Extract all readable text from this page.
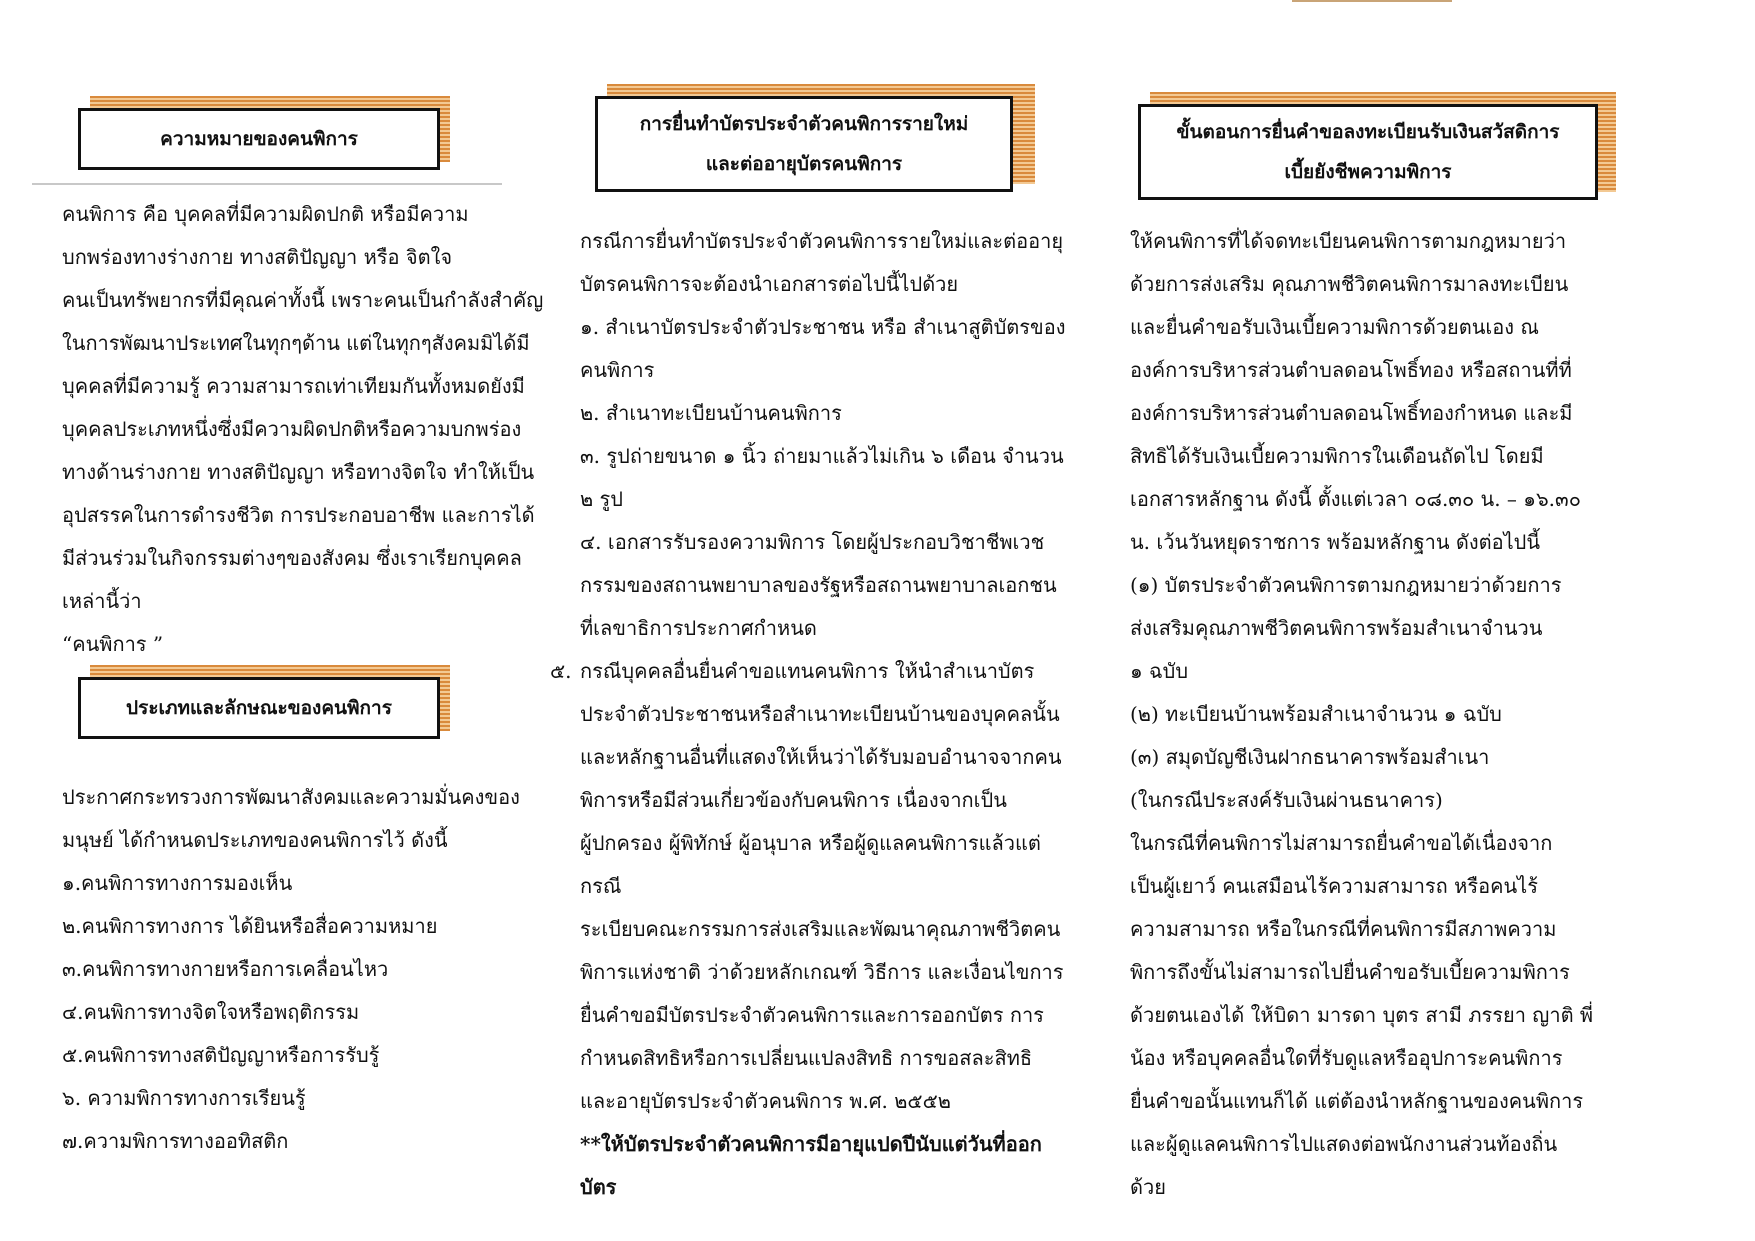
ความหมายของคนพิการ

คนพิการ คือ บุคคลที่มีความผิดปกติ หรือมีความ
บกพร่องทางร่างกาย ทางสติปัญญา หรือ จิตใจ
คนเป็นทรัพยากรที่มีคุณค่าทั้งนี้ เพราะคนเป็นกำลังสำคัญ
ในการพัฒนาประเทศในทุกๆด้าน แต่ในทุกๆสังคมมิได้มี
บุคคลที่มีความรู้ ความสามารถเท่าเทียมกันทั้งหมดยังมี
บุคคลประเภทหนึ่งซึ่งมีความผิดปกติหรือความบกพร่อง
ทางด้านร่างกาย ทางสติปัญญา หรือทางจิตใจ ทำให้เป็น
อุปสรรคในการดำรงชีวิต การประกอบอาชีพ และการได้
มีส่วนร่วมในกิจกรรมต่างๆของสังคม ซึ่งเราเรียกบุคคล
เหล่านี้ว่า
“คนพิการ ”

ประเภทและลักษณะของคนพิการ

ประกาศกระทรวงการพัฒนาสังคมและความมั่นคงของ
มนุษย์ ได้กำหนดประเภทของคนพิการไว้ ดังนี้
๑.คนพิการทางการมองเห็น
๒.คนพิการทางการ ได้ยินหรือสื่อความหมาย
๓.คนพิการทางกายหรือการเคลื่อนไหว
๔.คนพิการทางจิตใจหรือพฤติกรรม
๕.คนพิการทางสติปัญญาหรือการรับรู้
๖. ความพิการทางการเรียนรู้
๗.ความพิการทางออทิสติก

การยื่นทำบัตรประจำตัวคนพิการรายใหม่
และต่ออายุบัตรคนพิการ

กรณีการยื่นทำบัตรประจำตัวคนพิการรายใหม่และต่ออายุ
บัตรคนพิการจะต้องนำเอกสารต่อไปนี้ไปด้วย
๑. สำเนาบัตรประจำตัวประชาชน หรือ สำเนาสูติบัตรของ
คนพิการ
๒. สำเนาทะเบียนบ้านคนพิการ
๓. รูปถ่ายขนาด ๑ นิ้ว ถ่ายมาแล้วไม่เกิน ๖ เดือน จำนวน
๒ รูป
๔. เอกสารรับรองความพิการ โดยผู้ประกอบวิชาชีพเวช
กรรมของสถานพยาบาลของรัฐหรือสถานพยาบาลเอกชน
ที่เลขาธิการประกาศกำหนด

๕. กรณีบุคคลอื่นยื่นคำขอแทนคนพิการ ให้นำสำเนาบัตร
ประจำตัวประชาชนหรือสำเนาทะเบียนบ้านของบุคคลนั้น
และหลักฐานอื่นที่แสดงให้เห็นว่าได้รับมอบอำนาจจากคน
พิการหรือมีส่วนเกี่ยวข้องกับคนพิการ เนื่องจากเป็น
ผู้ปกครอง ผู้พิทักษ์ ผู้อนุบาล หรือผู้ดูแลคนพิการแล้วแต่
กรณี
ระเบียบคณะกรรมการส่งเสริมและพัฒนาคุณภาพชีวิตคน
พิการแห่งชาติ ว่าด้วยหลักเกณฑ์ วิธีการ และเงื่อนไขการ
ยื่นคำขอมีบัตรประจำตัวคนพิการและการออกบัตร การ
กำหนดสิทธิหรือการเปลี่ยนแปลงสิทธิ การขอสละสิทธิ
และอายุบัตรประจำตัวคนพิการ พ.ศ. ๒๕๕๒

**ให้บัตรประจำตัวคนพิการมีอายุแปดปีนับแต่วันที่ออก
บัตร

ขั้นตอนการยื่นคำขอลงทะเบียนรับเงินสวัสดิการ
เบี้ยยังชีพความพิการ

ให้คนพิการที่ได้จดทะเบียนคนพิการตามกฎหมายว่า
ด้วยการส่งเสริม คุณภาพชีวิตคนพิการมาลงทะเบียน
และยื่นคำขอรับเงินเบี้ยความพิการด้วยตนเอง ณ
องค์การบริหารส่วนตำบลดอนโพธิ์ทอง หรือสถานที่ที่
องค์การบริหารส่วนตำบลดอนโพธิ์ทองกำหนด และมี
สิทธิได้รับเงินเบี้ยความพิการในเดือนถัดไป โดยมี
เอกสารหลักฐาน ดังนี้ ตั้งแต่เวลา ๐๘.๓๐ น. – ๑๖.๓๐
น. เว้นวันหยุดราชการ พร้อมหลักฐาน ดังต่อไปนี้
(๑) บัตรประจำตัวคนพิการตามกฎหมายว่าด้วยการ
ส่งเสริมคุณภาพชีวิตคนพิการพร้อมสำเนาจำนวน
๑ ฉบับ
(๒) ทะเบียนบ้านพร้อมสำเนาจำนวน ๑ ฉบับ
(๓) สมุดบัญชีเงินฝากธนาคารพร้อมสำเนา
(ในกรณีประสงค์รับเงินผ่านธนาคาร)
ในกรณีที่คนพิการไม่สามารถยื่นคำขอได้เนื่องจาก
เป็นผู้เยาว์ คนเสมือนไร้ความสามารถ หรือคนไร้
ความสามารถ หรือในกรณีที่คนพิการมีสภาพความ
พิการถึงขั้นไม่สามารถไปยื่นคำขอรับเบี้ยความพิการ
ด้วยตนเองได้ ให้บิดา มารดา บุตร สามี ภรรยา ญาติ พี่
น้อง หรือบุคคลอื่นใดที่รับดูแลหรืออุปการะคนพิการ
ยื่นคำขอนั้นแทนก็ได้ แต่ต้องนำหลักฐานของคนพิการ
และผู้ดูแลคนพิการไปแสดงต่อพนักงานส่วนท้องถิ่น
ด้วย
